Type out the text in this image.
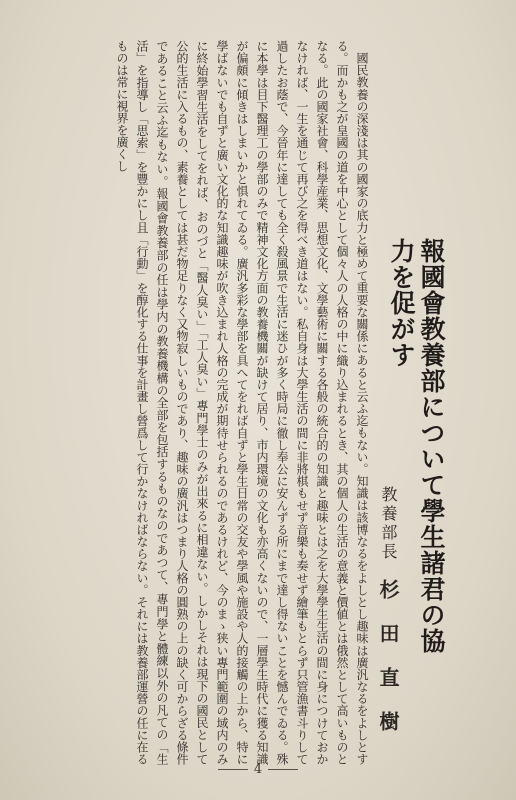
報國會教養部について學生諸君の協力を促がす
教養部長 杉田直樹

國民教養の深淺は其の國家の底力と極めて重要な關係にあると云ふ迄もない。知識は該博なるをよしとし趣味は廣汎なるをよしとする。而かも之が皇國の道を中心として個々人の人格の中に織り込まれるとき、其の個人の生活の意義と價値とは俄然として高いものとなる。此の國家社會、科學産業、思想文化、文學藝術に關する各般の統合的の知識と趣味とは之を大學學生生活の間に身につけておかなければ、一生を通じて再び之を得べき道はない。私自身は大學生活の間に非將棋もせず音樂も奏せず繪筆もとらず只管漁書斗りして過したお蔭で、今晉年に達しても全く殺風景で生活に迷ひが多く時局に徹し奉公に安んずる所にまで達し得ないことを憾んでゐる。殊に本學は目下醫理工の學部のみで精神文化方面の教養機關が缺けて居り、市内環境の文化も亦高くないので、一層學生時代に獲る知識が偏頗に傾きはしまいかと惧れてゐる。廣汎多彩な學部を具へてをれば自ずと學生日常の交友や學風や施設や人的接觸の上から、特に學ばないでも自ずと廣い文化的な知識趣味が吹き込まれ人格の完成が期待せられるのであるけれど、今のまゝ狭い專門範圍の域内のみに終始學習生活をしてをれば、おのづと「醫人臭い」「工人臭い」專門學士のみが出來るに相違ない。しかしそれは現下の國民として公的生活に入るもの、素養としては甚だ物足りなく又物寂しいものであり、趣味の廣汎はつまり人格の圓熟の上の缺く可からざる條件であること云ふ迄もない。報國會教養部の任は學内の教養機構の全部を包括するものなのであつて、專門學と體練以外の凡ての「生活」を指導し「思索」を豐かにし且「行動」を醇化する仕事を計畫し營爲して行かなければならない。それには教養部運營の任に在るものは常に視界を廣くし

4
